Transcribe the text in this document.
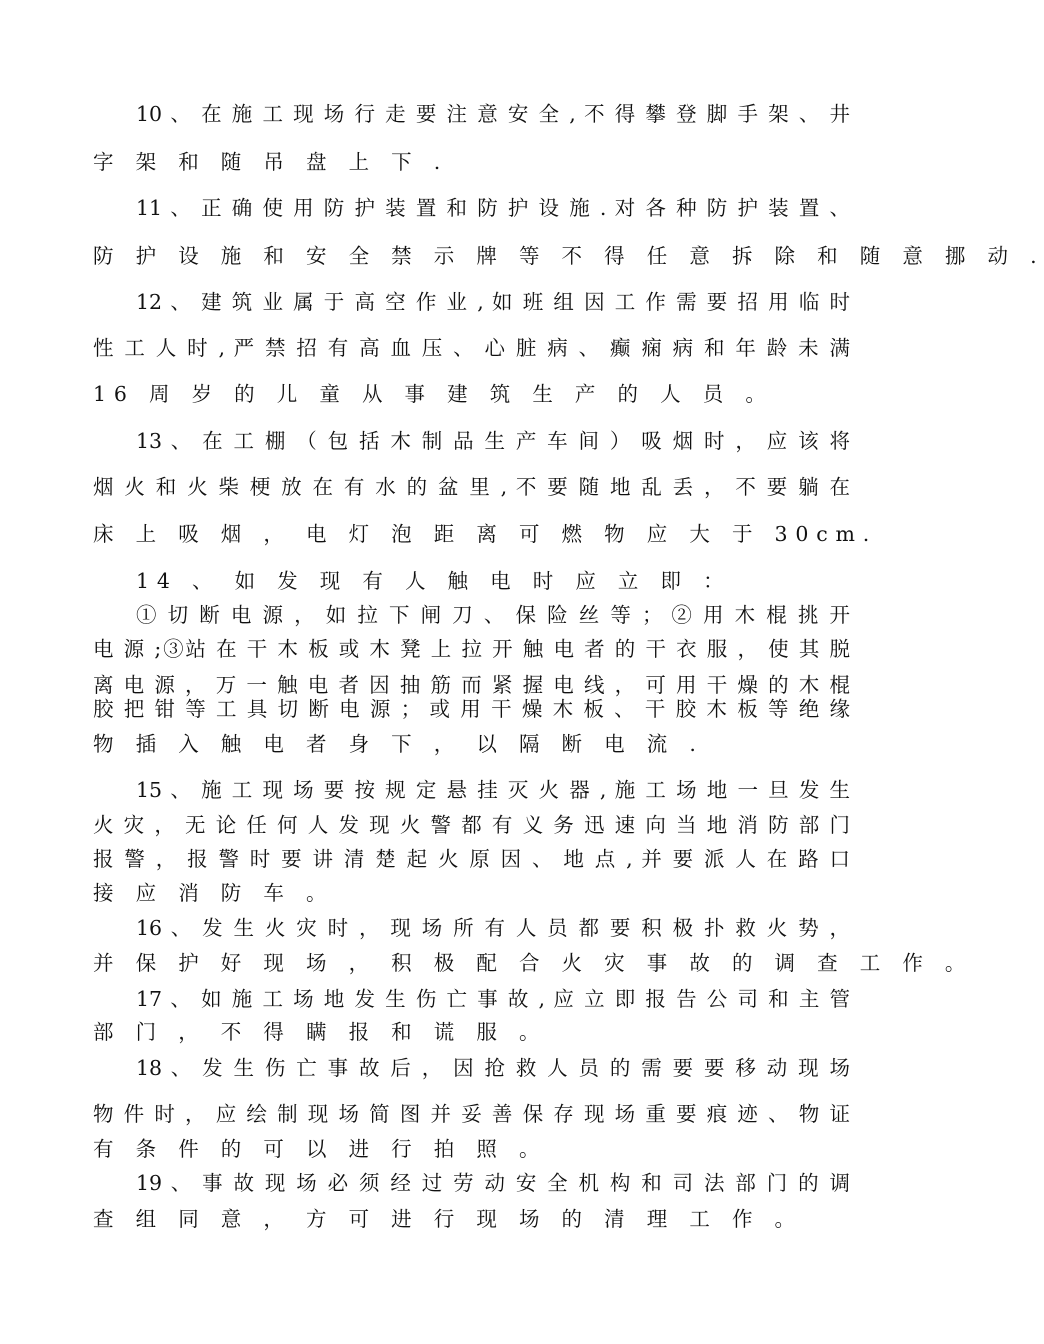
10 、 在 施 工 现 场 行 走 要 注 意 安 全 , 不 得 攀 登 脚 手 架 、 井
字 架 和 随 吊 盘 上 下 .
11 、 正 确 使 用 防 护 装 置 和 防 护 设 施 . 对 各 种 防 护 装 置 、
防 护 设 施 和 安 全 禁 示 牌 等 不 得 任 意 拆 除 和 随 意 挪 动 .
12 、 建 筑 业 属 于 高 空 作 业 , 如 班 组 因 工 作 需 要 招 用 临 时
性 工 人 时 , 严 禁 招 有 高 血 压 、 心 脏 病 、 癫 痫 病 和 年 龄 未 满
16 周 岁 的 儿 童 从 事 建 筑 生 产 的 人 员 。
13 、 在 工 棚 （ 包 括 木 制 品 生 产 车 间 ） 吸 烟 时 ， 应 该 将
烟 火 和 火 柴 梗 放 在 有 水 的 盆 里 , 不 要 随 地 乱 丢 ， 不 要 躺 在
床 上 吸 烟 ， 电 灯 泡 距 离 可 燃 物 应 大 于 30cm.
14 、 如 发 现 有 人 触 电 时 应 立 即 ：
① 切 断 电 源 ， 如 拉 下 闸 刀 、 保 险 丝 等 ； ② 用 木 棍 挑 开
电 源 ;③站 在 干 木 板 或 木 凳 上 拉 开 触 电 者 的 干 衣 服 ， 使 其 脱
离 电 源 ， 万 一 触 电 者 因 抽 筋 而 紧 握 电 线 ， 可 用 干 燥 的 木 棍
胶 把 钳 等 工 具 切 断 电 源 ； 或 用 干 燥 木 板 、 干 胶 木 板 等 绝 缘
物 插 入 触 电 者 身 下 ， 以 隔 断 电 流 .
15 、 施 工 现 场 要 按 规 定 悬 挂 灭 火 器 , 施 工 场 地 一 旦 发 生
火 灾 ， 无 论 任 何 人 发 现 火 警 都 有 义 务 迅 速 向 当 地 消 防 部 门
报 警 ， 报 警 时 要 讲 清 楚 起 火 原 因 、 地 点 , 并 要 派 人 在 路 口
接 应 消 防 车 。
16 、 发 生 火 灾 时 ， 现 场 所 有 人 员 都 要 积 极 扑 救 火 势 ，
并 保 护 好 现 场 ， 积 极 配 合 火 灾 事 故 的 调 查 工 作 。
17 、 如 施 工 场 地 发 生 伤 亡 事 故 , 应 立 即 报 告 公 司 和 主 管
部 门 ， 不 得 瞒 报 和 谎 服 。
18 、 发 生 伤 亡 事 故 后 ， 因 抢 救 人 员 的 需 要 要 移 动 现 场
物 件 时 ， 应 绘 制 现 场 简 图 并 妥 善 保 存 现 场 重 要 痕 迹 、 物 证
有 条 件 的 可 以 进 行 拍 照 。
19 、 事 故 现 场 必 须 经 过 劳 动 安 全 机 构 和 司 法 部 门 的 调
查 组 同 意 ， 方 可 进 行 现 场 的 清 理 工 作 。
